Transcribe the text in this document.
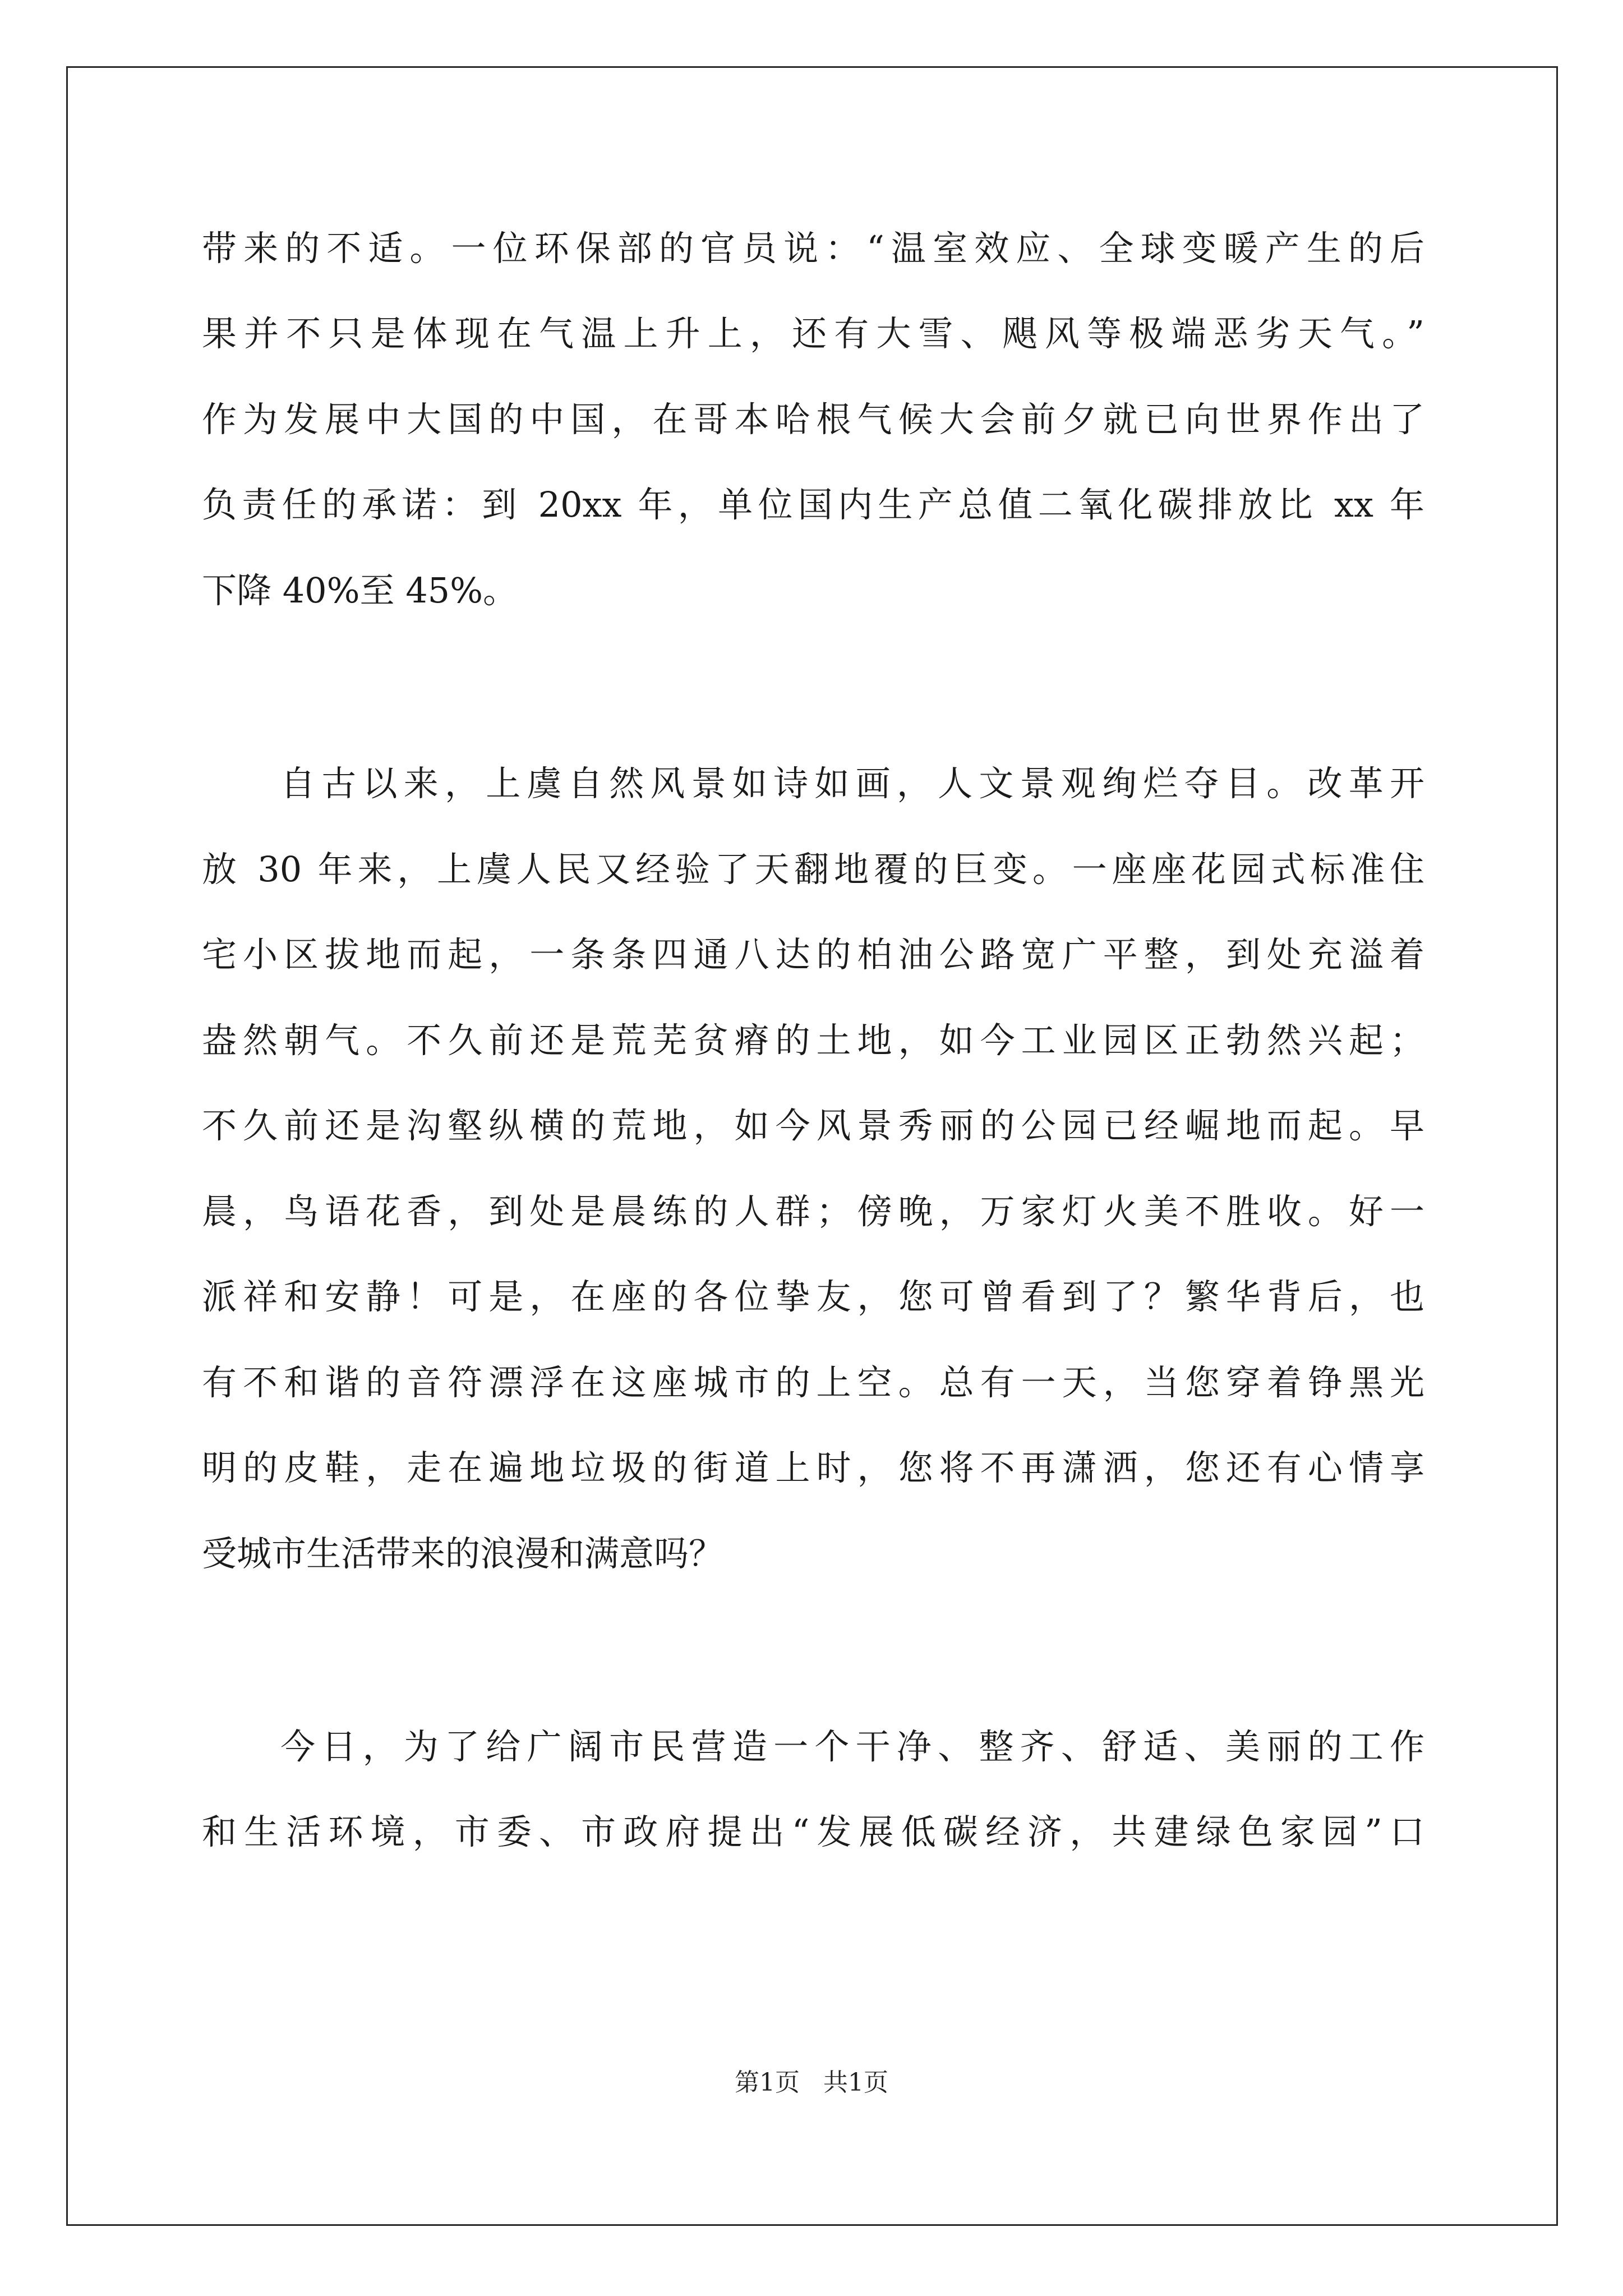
带来的不适。一位环保部的官员说：“温室效应、全球变暖产生的后
果并不只是体现在气温上升上，还有大雪、飓风等极端恶劣天气。”
作为发展中大国的中国，在哥本哈根气候大会前夕就已向世界作出了
负责任的承诺：到 20xx 年，单位国内生产总值二氧化碳排放比 xx 年
下降 40%至 45%。
自古以来，上虞自然风景如诗如画，人文景观绚烂夺目。改革开
放 30 年来，上虞人民又经验了天翻地覆的巨变。一座座花园式标准住
宅小区拔地而起，一条条四通八达的柏油公路宽广平整，到处充溢着
盎然朝气。不久前还是荒芜贫瘠的土地，如今工业园区正勃然兴起；
不久前还是沟壑纵横的荒地，如今风景秀丽的公园已经崛地而起。早
晨，鸟语花香，到处是晨练的人群；傍晚，万家灯火美不胜收。好一
派祥和安静！可是，在座的各位挚友，您可曾看到了？繁华背后，也
有不和谐的音符漂浮在这座城市的上空。总有一天，当您穿着铮黑光
明的皮鞋，走在遍地垃圾的街道上时，您将不再潇洒，您还有心情享
受城市生活带来的浪漫和满意吗？
今日，为了给广阔市民营造一个干净、整齐、舒适、美丽的工作
和生活环境，市委、市政府提出“发展低碳经济，共建绿色家园”口
第1页 共1页
